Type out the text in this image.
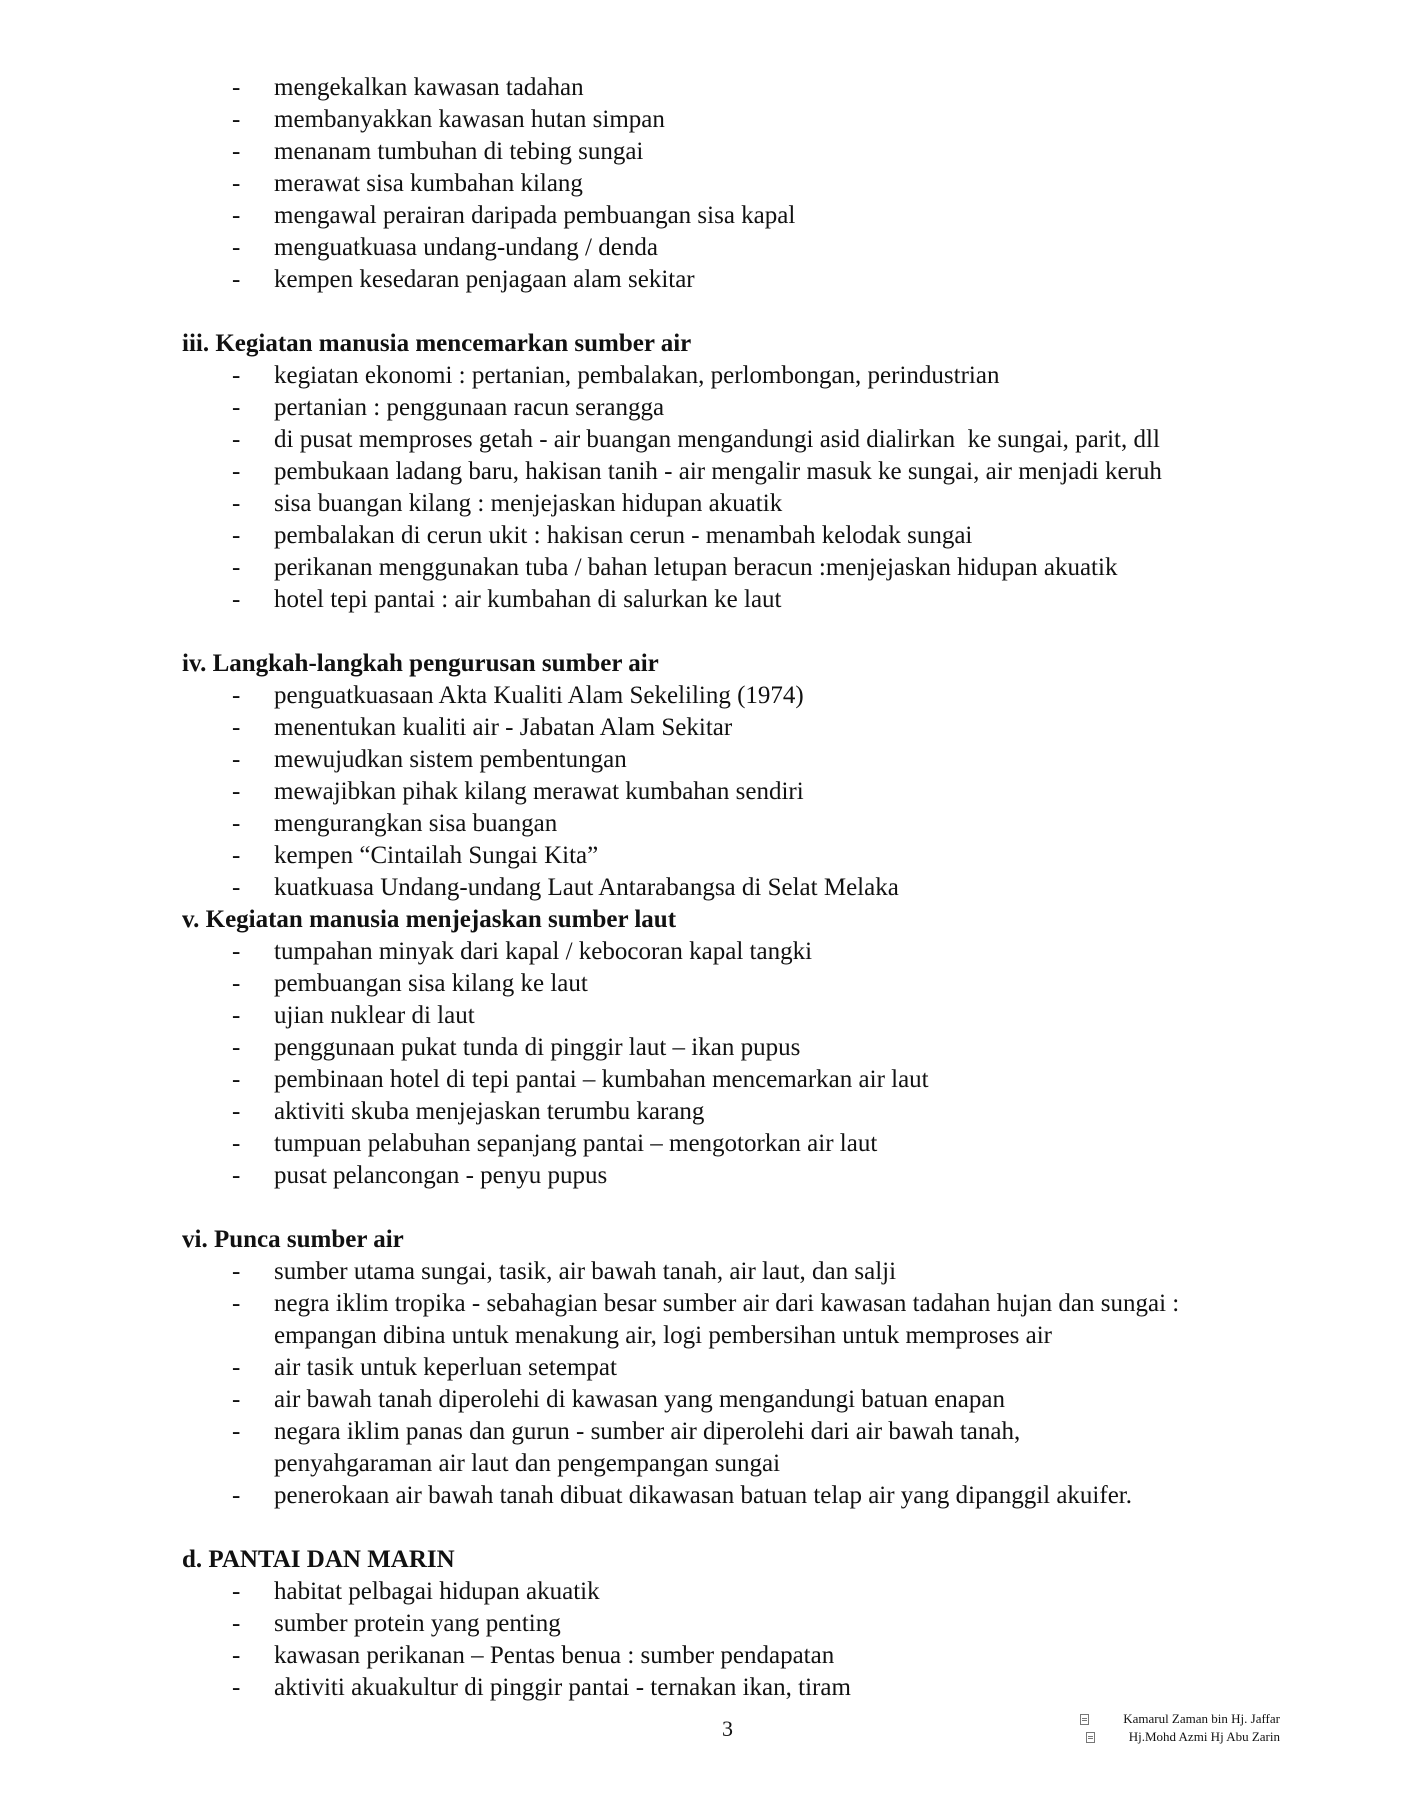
- mengekalkan kawasan tadahan
- membanyakkan kawasan hutan simpan
- menanam tumbuhan di tebing sungai
- merawat sisa kumbahan kilang
- mengawal perairan daripada pembuangan sisa kapal
- menguatkuasa undang-undang / denda
- kempen kesedaran penjagaan alam sekitar
iii. Kegiatan manusia mencemarkan sumber air
- kegiatan ekonomi : pertanian, pembalakan, perlombongan, perindustrian
- pertanian : penggunaan racun serangga
- di pusat memproses getah - air buangan mengandungi asid dialirkan  ke sungai, parit, dll
- pembukaan ladang baru, hakisan tanih - air mengalir masuk ke sungai, air menjadi keruh
- sisa buangan kilang : menjejaskan hidupan akuatik
- pembalakan di cerun ukit : hakisan cerun - menambah kelodak sungai
- perikanan menggunakan tuba / bahan letupan beracun :menjejaskan hidupan akuatik
- hotel tepi pantai : air kumbahan di salurkan ke laut
iv. Langkah-langkah pengurusan sumber air
- penguatkuasaan Akta Kualiti Alam Sekeliling (1974)
- menentukan kualiti air - Jabatan Alam Sekitar
- mewujudkan sistem pembentungan
- mewajibkan pihak kilang merawat kumbahan sendiri
- mengurangkan sisa buangan
- kempen “Cintailah Sungai Kita”
- kuatkuasa Undang-undang Laut Antarabangsa di Selat Melaka
v. Kegiatan manusia menjejaskan sumber laut
- tumpahan minyak dari kapal / kebocoran kapal tangki
- pembuangan sisa kilang ke laut
- ujian nuklear di laut
- penggunaan pukat tunda di pinggir laut – ikan pupus
- pembinaan hotel di tepi pantai – kumbahan mencemarkan air laut
- aktiviti skuba menjejaskan terumbu karang
- tumpuan pelabuhan sepanjang pantai – mengotorkan air laut
- pusat pelancongan - penyu pupus
vi. Punca sumber air
- sumber utama sungai, tasik, air bawah tanah, air laut, dan salji
- negra iklim tropika - sebahagian besar sumber air dari kawasan tadahan hujan dan sungai :
empangan dibina untuk menakung air, logi pembersihan untuk memproses air
- air tasik untuk keperluan setempat
- air bawah tanah diperolehi di kawasan yang mengandungi batuan enapan
- negara iklim panas dan gurun - sumber air diperolehi dari air bawah tanah,
penyahgaraman air laut dan pengempangan sungai
- penerokaan air bawah tanah dibuat dikawasan batuan telap air yang dipanggil akuifer.
d. PANTAI DAN MARIN
- habitat pelbagai hidupan akuatik
- sumber protein yang penting
- kawasan perikanan – Pentas benua : sumber pendapatan
- aktiviti akuakultur di pinggir pantai - ternakan ikan, tiram
3	Kamarul Zaman bin Hj. Jaffar
Hj.Mohd Azmi Hj Abu Zarin
